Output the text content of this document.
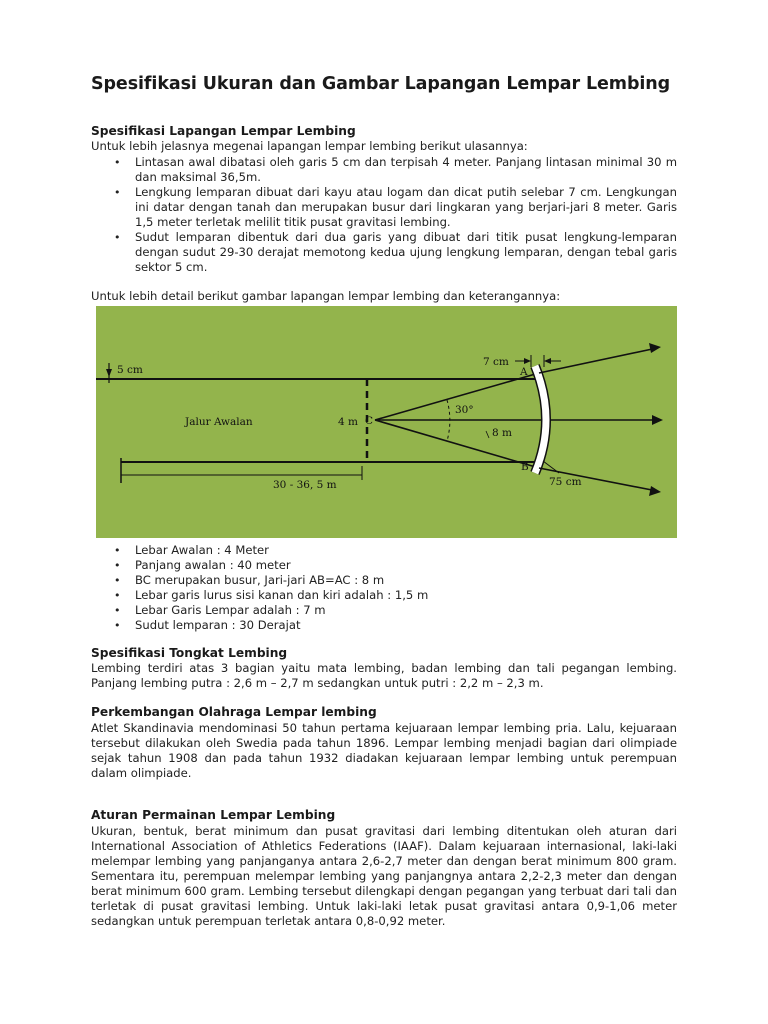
Spesifikasi Ukuran dan Gambar Lapangan Lempar Lembing
Spesifikasi Lapangan Lempar Lembing

Untuk lebih jelasnya megenai lapangan lempar lembing berikut ulasannya:

• Lintasan awal dibatasi oleh garis 5 cm dan terpisah 4 meter. Panjang lintasan minimal 30 m dan maksimal 36,5m.
• Lengkung lemparan dibuat dari kayu atau logam dan dicat putih selebar 7 cm. Lengkungan ini datar dengan tanah dan merupakan busur dari lingkaran yang berjari-jari 8 meter. Garis 1,5 meter terletak melilit titik pusat gravitasi lembing.
• Sudut lemparan dibentuk dari dua garis yang dibuat dari titik pusat lengkung-lemparan dengan sudut 29-30 derajat memotong kedua ujung lengkung lemparan, dengan tebal garis sektor 5 cm.

Untuk lebih detail berikut gambar lapangan lempar lembing dan keterangannya:

5 cm
4 m
Jalur Awalan	C
30°
8 m
A
B
7 cm
75 cm
30 - 36, 5 m
• Lebar Awalan : 4 Meter
• Panjang awalan : 40 meter
• BC merupakan busur, Jari-jari AB=AC : 8 m
• Lebar garis lurus sisi kanan dan kiri adalah : 1,5 m
• Lebar Garis Lempar adalah : 7 m
• Sudut lemparan : 30 Derajat
Spesifikasi Tongkat Lembing

Lembing terdiri atas 3 bagian yaitu mata lembing, badan lembing dan tali pegangan lembing. Panjang lembing putra : 2,6 m – 2,7 m sedangkan untuk putri : 2,2 m – 2,3 m.

Perkembangan Olahraga Lempar lembing

Atlet Skandinavia mendominasi 50 tahun pertama kejuaraan lempar lembing pria. Lalu, kejuaraan tersebut dilakukan oleh Swedia pada tahun 1896. Lempar lembing menjadi bagian dari olimpiade sejak tahun 1908 dan pada tahun 1932 diadakan kejuaraan lempar lembing untuk perempuan dalam olimpiade.

Aturan Permainan Lempar Lembing

Ukuran, bentuk, berat minimum dan pusat gravitasi dari lembing ditentukan oleh aturan dari International Association of Athletics Federations (IAAF). Dalam kejuaraan internasional, laki-laki melempar lembing yang panjanganya antara 2,6-2,7 meter dan dengan berat minimum 800 gram. Sementara itu, perempuan melempar lembing yang panjangnya antara 2,2-2,3 meter dan dengan berat minimum 600 gram. Lembing tersebut dilengkapi dengan pegangan yang terbuat dari tali dan terletak di pusat gravitasi lembing. Untuk laki-laki letak pusat gravitasi antara 0,9-1,06 meter sedangkan untuk perempuan terletak antara 0,8-0,92 meter.
